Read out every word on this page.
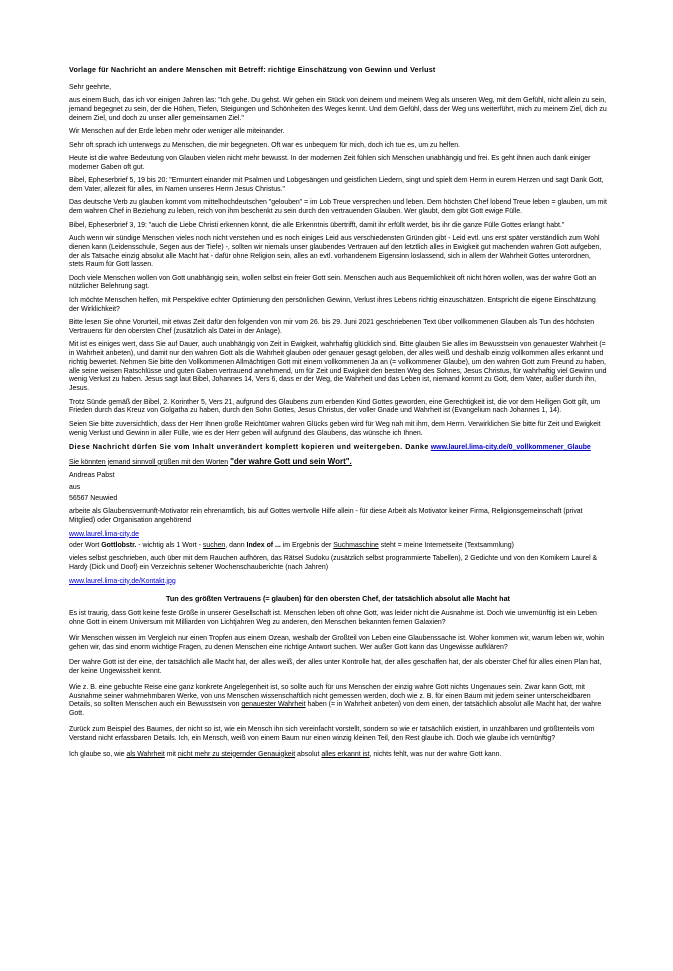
Vorlage für Nachricht an andere Menschen mit Betreff: richtige Einschätzung von Gewinn und Verlust

Sehr geehrte,

aus einem Buch, das ich vor einigen Jahren las: "Ich gehe. Du gehst. Wir gehen ein Stück von deinem und meinem Weg als unseren Weg, mit dem Gefühl, nicht allein zu sein, jemand begegnet zu sein, der die Höhen, Tiefen, Steigungen und Schönheiten des Weges kennt. Und dem Gefühl, dass der Weg uns weiterführt, mich zu meinem Ziel, dich zu deinem Ziel, und doch zu unser aller gemeinsamen Ziel."

Wir Menschen auf der Erde leben mehr oder weniger alle miteinander.

Sehr oft sprach ich unterwegs zu Menschen, die mir begegneten. Oft war es unbequem für mich, doch ich tue es, um zu helfen.

Heute ist die wahre Bedeutung von Glauben vielen nicht mehr bewusst. In der modernen Zeit fühlen sich Menschen unabhängig und frei. Es geht ihnen auch dank einiger moderner Gaben oft gut.

Bibel, Epheserbrief 5, 19 bis 20: "Ermuntert einander mit Psalmen und Lobgesängen und geistlichen Liedern, singt und spielt dem Herrn in eurem Herzen und sagt Dank Gott, dem Vater, allezeit für alles, im Namen unseres Herrn Jesus Christus."

Das deutsche Verb zu glauben kommt vom mittelhochdeutschen "gelouben" = im Lob Treue versprechen und leben. Dem höchsten Chef lobend Treue leben = glauben, um mit dem wahren Chef in Beziehung zu leben, reich von ihm beschenkt zu sein durch den vertrauenden Glauben. Wer glaubt, dem gibt Gott ewige Fülle.

Bibel, Epheserbrief 3, 19: "auch die Liebe Christi erkennen könnt, die alle Erkenntnis übertrifft, damit ihr erfüllt werdet, bis ihr die ganze Fülle Gottes erlangt habt."

Auch wenn wir sündige Menschen vieles noch nicht verstehen und es noch einiges Leid aus verschiedensten Gründen gibt - Leid evtl. uns erst später verständlich zum Wohl dienen kann (Leidensschule, Segen aus der Tiefe) -, sollten wir niemals unser glaubendes Vertrauen auf den letztlich alles in Ewigkeit gut machenden wahren Gott aufgeben, der als Tatsache einzig absolut alle Macht hat - dafür ohne Religion sein, alles an evtl. vorhandenem Eigensinn loslassend, sich in allem der Wahrheit Gottes unterordnen, stets Raum für Gott lassen.

Doch viele Menschen wollen von Gott unabhängig sein, wollen selbst ein freier Gott sein. Menschen auch aus Bequemlichkeit oft nicht hören wollen, was der wahre Gott an nützlicher Belehrung sagt.

Ich möchte Menschen helfen, mit Perspektive echter Optimierung den persönlichen Gewinn, Verlust ihres Lebens richtig einzuschätzen. Entspricht die eigene Einschätzung der Wirklichkeit?

Bitte lesen Sie ohne Vorurteil, mit etwas Zeit dafür den folgenden von mir vom 26. bis 29. Juni 2021 geschriebenen Text über vollkommenen Glauben als Tun des höchsten Vertrauens für den obersten Chef (zusätzlich als Datei in der Anlage).

Mit ist es einiges wert, dass Sie auf Dauer, auch unabhängig von Zeit in Ewigkeit, wahrhaftig glücklich sind. Bitte glauben Sie alles im Bewusstsein von genauester Wahrheit (= in Wahrheit anbeten), und damit nur den wahren Gott als die Wahrheit glauben oder genauer gesagt geloben, der alles weiß und deshalb einzig vollkommen alles erkannt und richtig bewertet. Nehmen Sie bitte den Vollkommenen Allmächtigen Gott mit einem vollkommenen Ja an (= vollkommener Glaube), um den wahren Gott zum Freund zu haben, alle seine weisen Ratschlüsse und guten Gaben vertrauend annehmend, um für Zeit und Ewigkeit den besten Weg des Sohnes, Jesus Christus, für wahrhaftig viel Gewinn und wenig Verlust zu haben. Jesus sagt laut Bibel, Johannes 14, Vers 6, dass er der Weg, die Wahrheit und das Leben ist, niemand kommt zu Gott, dem Vater, außer durch ihn, Jesus.

Trotz Sünde gemäß der Bibel, 2. Korinther 5, Vers 21, aufgrund des Glaubens zum erbenden Kind Gottes geworden, eine Gerechtigkeit ist, die vor dem Heiligen Gott gilt, um Frieden durch das Kreuz von Golgatha zu haben, durch den Sohn Gottes, Jesus Christus, der voller Gnade und Wahrheit ist (Evangelium nach Johannes 1, 14).

Seien Sie bitte zuversichtlich, dass der Herr Ihnen große Reichtümer wahren Glücks geben wird für Weg nah mit ihm, dem Herrn. Verwirklichen Sie bitte für Zeit und Ewigkeit wenig Verlust und Gewinn in aller Fülle, wie es der Herr geben will aufgrund des Glaubens, das wünsche ich Ihnen.

Diese Nachricht dürfen Sie vom Inhalt unverändert komplett kopieren und weitergeben. Danke www.laurel.lima-city.de/0_vollkommener_Glaube

Sie könnten jemand sinnvoll grüßen mit den Worten "der wahre Gott und sein Wort".

Andreas Pabst

aus

56567 Neuwied

arbeite als Glaubensvernunft-Motivator rein ehrenamtlich, bis auf Gottes wertvolle Hilfe allein - für diese Arbeit als Motivator keiner Firma, Religionsgemeinschaft (privat Mitglied) oder Organisation angehörend

www.laurel.lima-city.de

oder Wort Gottlobstr. - wichtig als 1 Wort - suchen, dann Index of ... im Ergebnis der Suchmaschine steht = meine Internetseite (Textsammlung)

vieles selbst geschrieben, auch über mit dem Rauchen aufhören, das Rätsel Sudoku (zusätzlich selbst programmierte Tabellen), 2 Gedichte und von den Komikern Laurel & Hardy (Dick und Doof) ein Verzeichnis seltener Wochenschauberichte (nach Jahren)

www.laurel.lima-city.de/Kontakt.jpg

Tun des größten Vertrauens (= glauben) für den obersten Chef, der tatsächlich absolut alle Macht hat

Es ist traurig, dass Gott keine feste Größe in unserer Gesellschaft ist. Menschen leben oft ohne Gott, was leider nicht die Ausnahme ist. Doch wie unvernünftig ist ein Leben ohne Gott in einem Universum mit Milliarden von Lichtjahren Weg zu anderen, den Menschen bekannten fernen Galaxien?

Wir Menschen wissen im Vergleich nur einen Tropfen aus einem Ozean, weshalb der Großteil von Leben eine Glaubenssache ist. Woher kommen wir, warum leben wir, wohin gehen wir, das sind enorm wichtige Fragen, zu denen Menschen eine richtige Antwort suchen. Wer außer Gott kann das Ungewisse aufklären?

Der wahre Gott ist der eine, der tatsächlich alle Macht hat, der alles weiß, der alles unter Kontrolle hat, der alles geschaffen hat, der als oberster Chef für alles einen Plan hat, der keine Ungewissheit kennt.

Wie z. B. eine gebuchte Reise eine ganz konkrete Angelegenheit ist, so sollte auch für uns Menschen der einzig wahre Gott nichts Ungenaues sein. Zwar kann Gott, mit Ausnahme seiner wahrnehmbaren Werke, von uns Menschen wissenschaftlich nicht gemessen werden, doch wie z. B. für einen Baum mit jedem seiner unterscheidbaren Details, so sollten Menschen auch ein Bewusstsein von genauester Wahrheit haben (= in Wahrheit anbeten) von dem einen, der tatsächlich absolut alle Macht hat, der wahre Gott.

Zurück zum Beispiel des Baumes, der nicht so ist, wie ein Mensch ihn sich vereinfacht vorstellt, sondern so wie er tatsächlich existiert, in unzählbaren und größtenteils vom Verstand nicht erfassbaren Details. Ich, ein Mensch, weiß von einem Baum nur einen winzig kleinen Teil, den Rest glaube ich. Doch wie glaube ich vernünftig?

Ich glaube so, wie als Wahrheit mit nicht mehr zu steigernder Genauigkeit absolut alles erkannt ist, nichts fehlt, was nur der wahre Gott kann.
